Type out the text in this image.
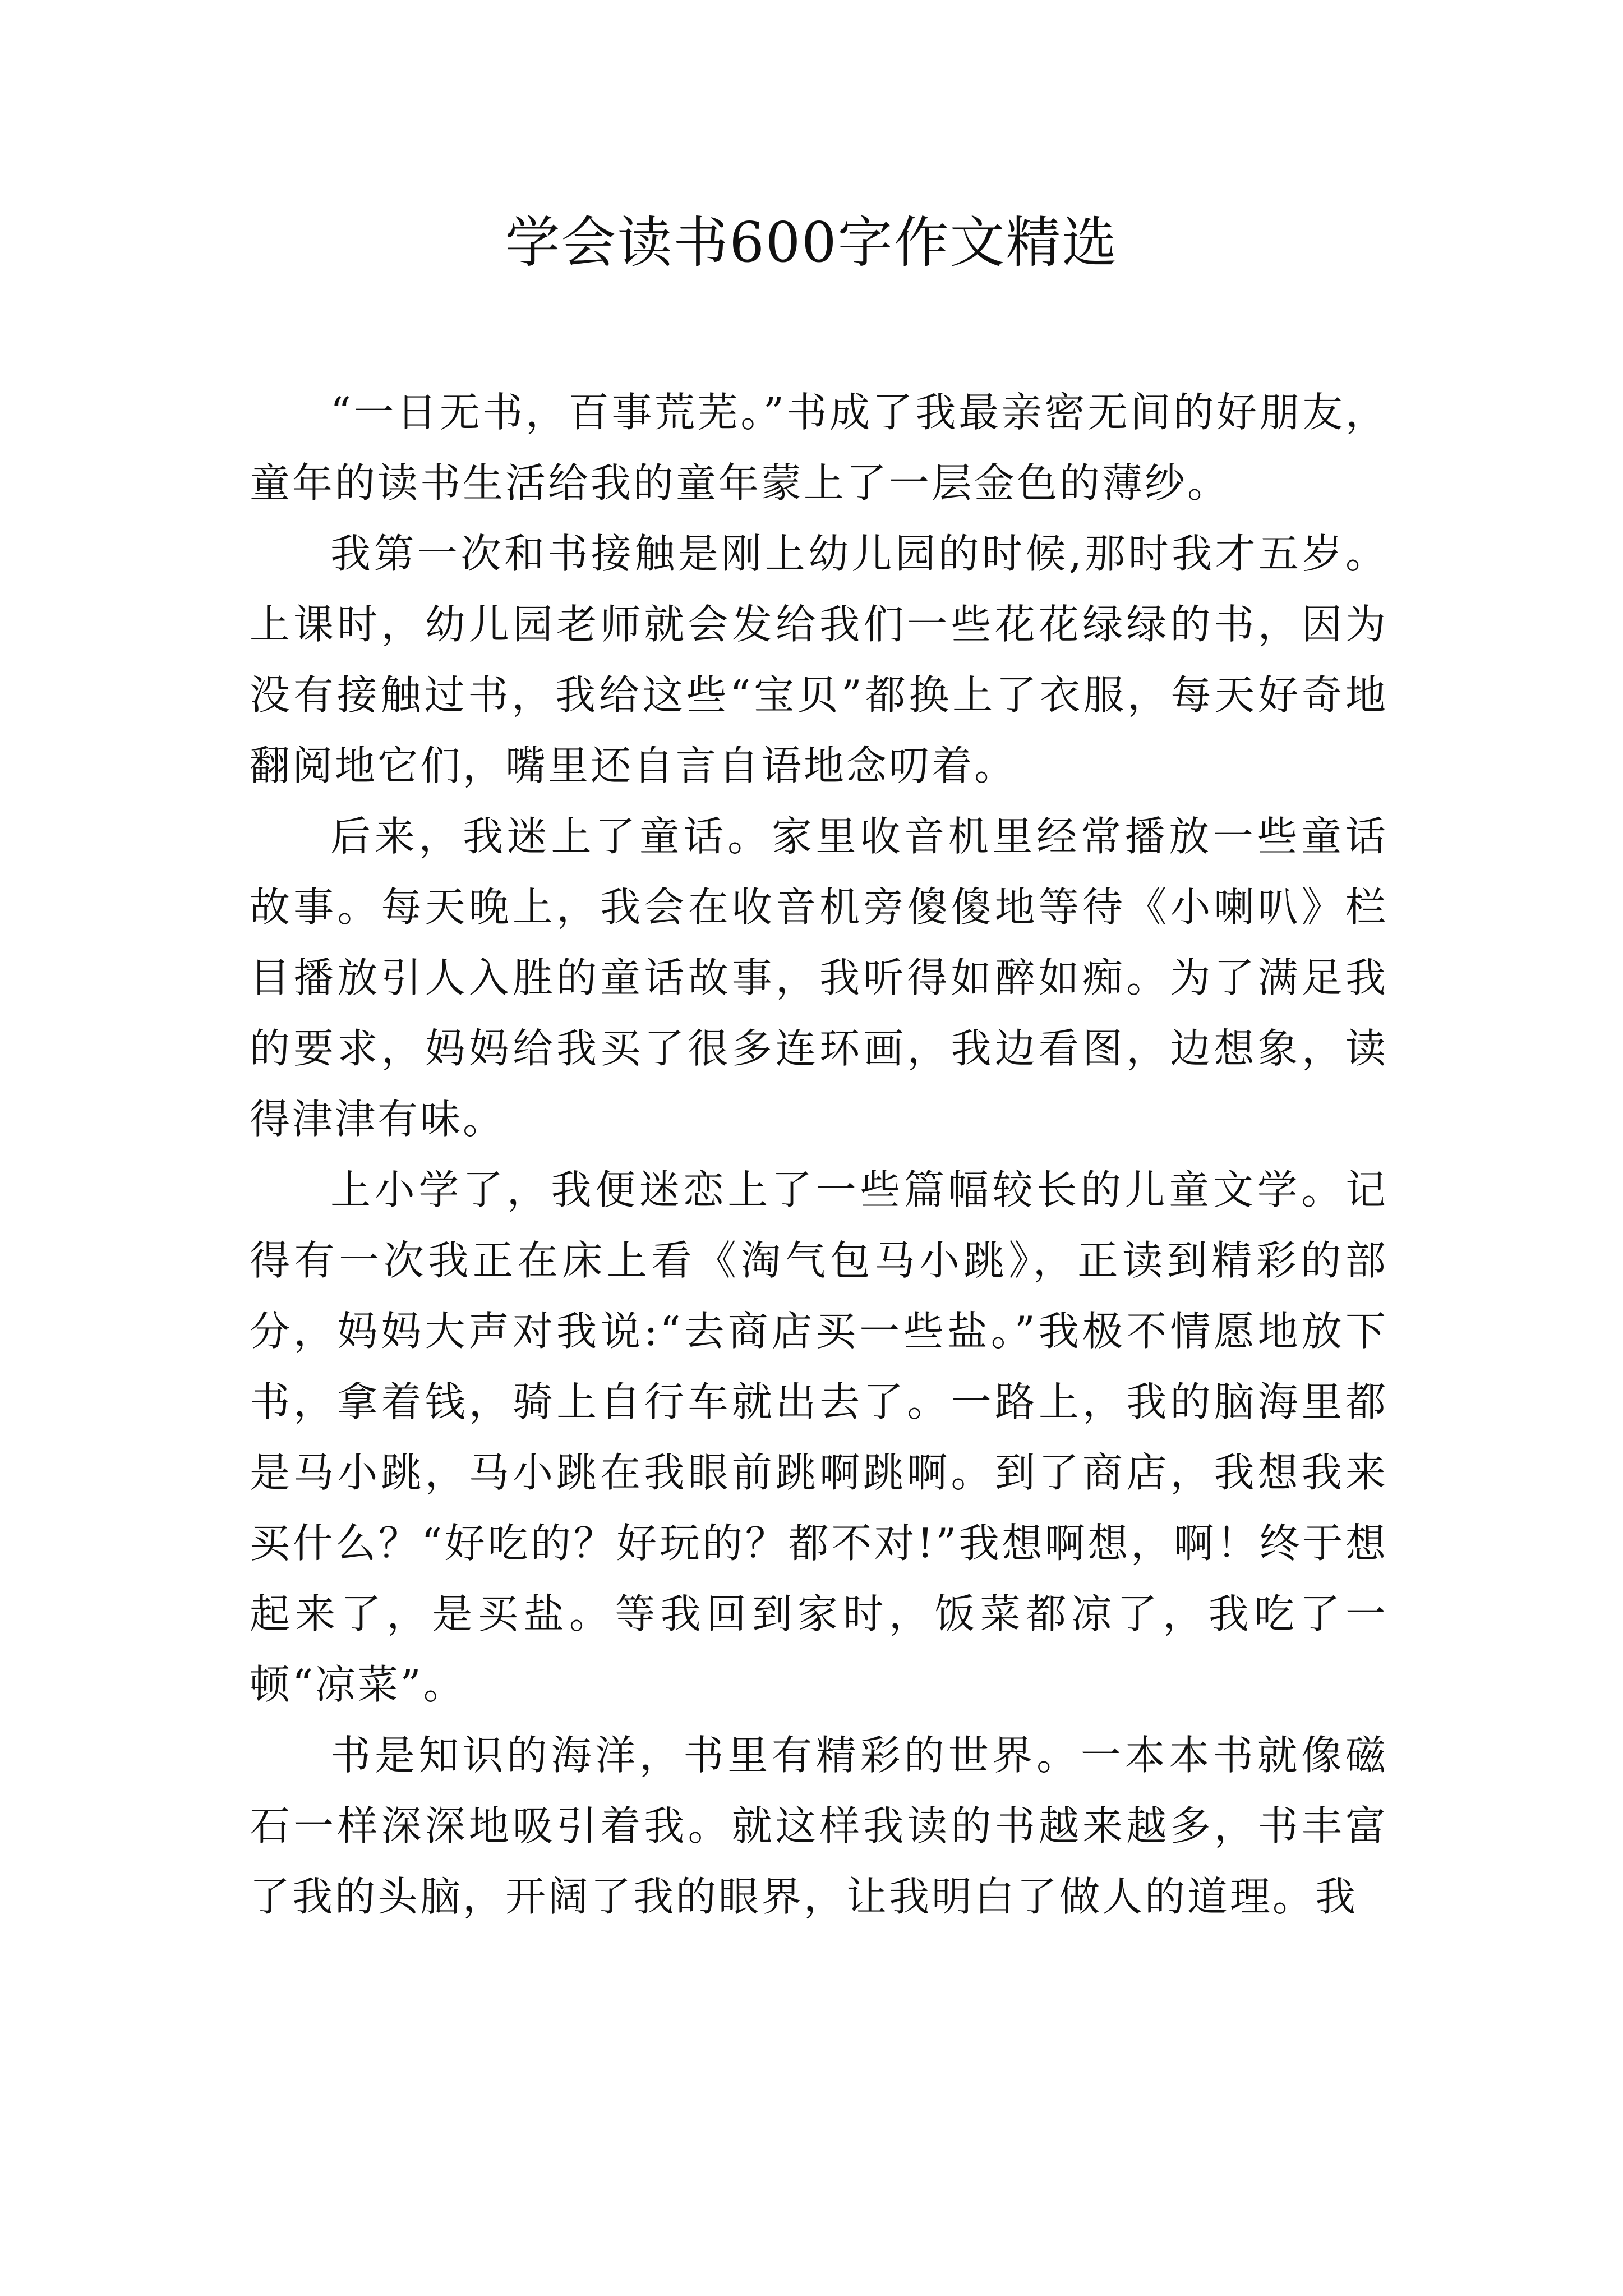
学会读书600字作文精选

“一日无书，百事荒芜。”书成了我最亲密无间的好朋友，童年的读书生活给我的童年蒙上了一层金色的薄纱。

我第一次和书接触是刚上幼儿园的时候,那时我才五岁。上课时，幼儿园老师就会发给我们一些花花绿绿的书，因为没有接触过书，我给这些“宝贝”都换上了衣服，每天好奇地翻阅地它们，嘴里还自言自语地念叨着。

后来，我迷上了童话。家里收音机里经常播放一些童话故事。每天晚上，我会在收音机旁傻傻地等待《小喇叭》栏目播放引人入胜的童话故事，我听得如醉如痴。为了满足我的要求，妈妈给我买了很多连环画，我边看图，边想象，读得津津有味。

上小学了，我便迷恋上了一些篇幅较长的儿童文学。记得有一次我正在床上看《淘气包马小跳》，正读到精彩的部分，妈妈大声对我说:“去商店买一些盐。”我极不情愿地放下书，拿着钱，骑上自行车就出去了。一路上，我的脑海里都是马小跳，马小跳在我眼前跳啊跳啊。到了商店，我想我来买什么？“好吃的？好玩的？都不对!”我想啊想，啊！终于想起来了，是买盐。等我回到家时，饭菜都凉了，我吃了一顿“凉菜”。

书是知识的海洋，书里有精彩的世界。一本本书就像磁石一样深深地吸引着我。就这样我读的书越来越多，书丰富了我的头脑，开阔了我的眼界，让我明白了做人的道理。我
